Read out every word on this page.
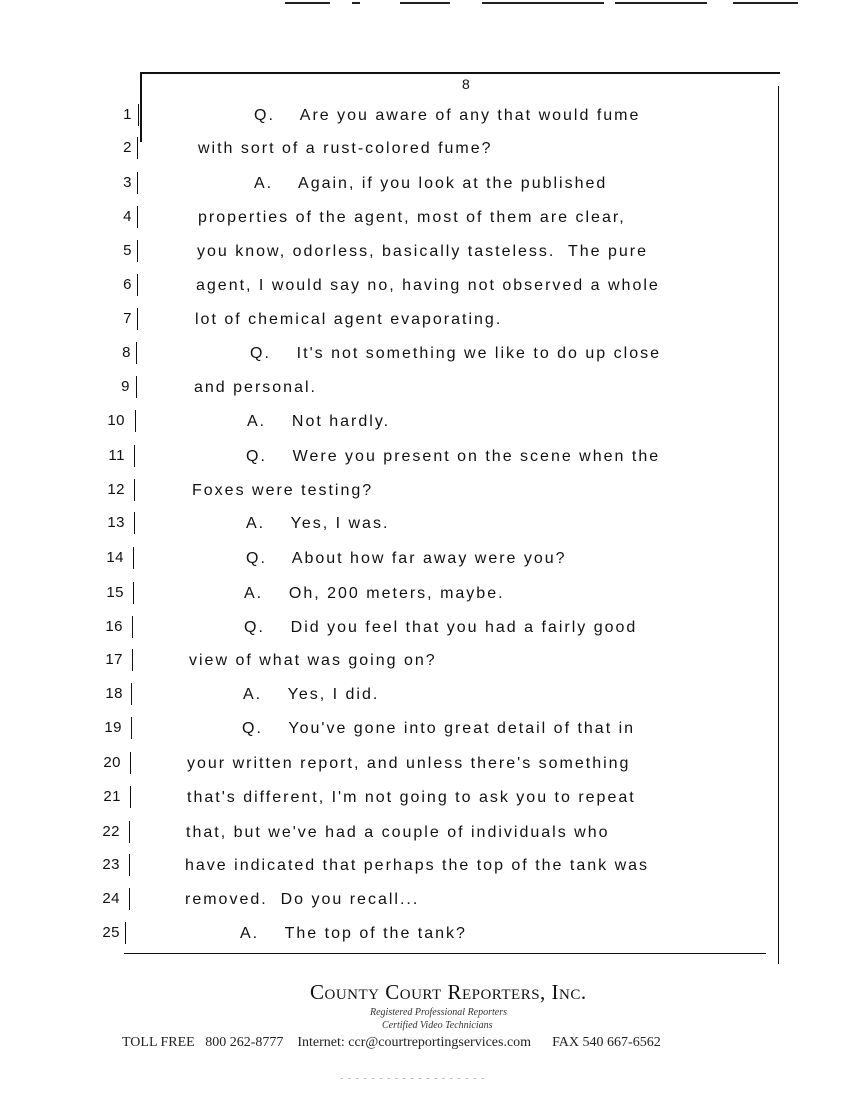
8
1	Q.    Are you aware of any that would fume
2	with sort of a rust-colored fume?
3	A.    Again, if you look at the published
4	properties of the agent, most of them are clear,
5	you know, odorless, basically tasteless.  The pure
6	agent, I would say no, having not observed a whole
7	lot of chemical agent evaporating.
8	Q.    It's not something we like to do up close
9	and personal.
10	A.    Not hardly.
11	Q.    Were you present on the scene when the
12	Foxes were testing?
13	A.    Yes, I was.
14	Q.    About how far away were you?
15	A.    Oh, 200 meters, maybe.
16	Q.    Did you feel that you had a fairly good
17	view of what was going on?
18	A.    Yes, I did.
19	Q.    You've gone into great detail of that in
20	your written report, and unless there's something
21	that's different, I'm not going to ask you to repeat
22	that, but we've had a couple of individuals who
23	have indicated that perhaps the top of the tank was
24	removed.  Do you recall...
25	A.    The top of the tank?
County Court Reporters, Inc.
Registered Professional Reporters
Certified Video Technicians
TOLL FREE   800 262-8777    Internet: ccr@courtreportingservices.com      FAX 540 667-6562
- - - - - - - - - - - - - - - - - - -
